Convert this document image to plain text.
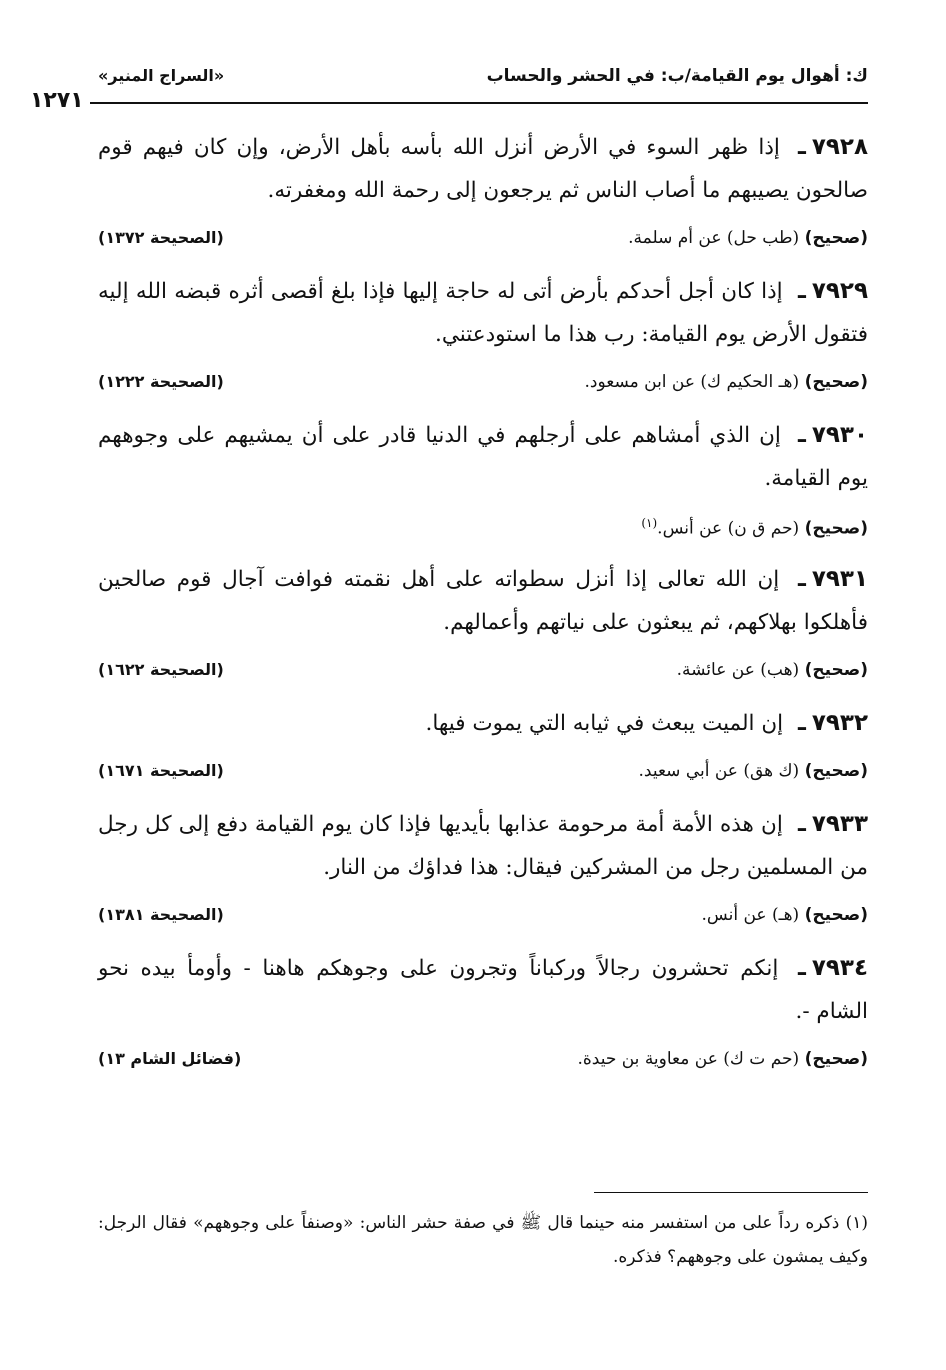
ك: أهوال يوم القيامة/ب: في الحشر والحساب
«السراج المنير»
١٢٧١

٧٩٢٨ـ إذا ظهر السوء في الأرض أنزل الله بأسه بأهل الأرض، وإن كان فيهم قوم صالحون يصيبهم ما أصاب الناس ثم يرجعون إلى رحمة الله ومغفرته.

(صحيح) (طب حل) عن أم سلمة.
(الصحيحة ١٣٧٢)

٧٩٢٩ـ إذا كان أجل أحدكم بأرض أتى له حاجة إليها فإذا بلغ أقصى أثره قبضه الله إليه فتقول الأرض يوم القيامة: رب هذا ما استودعتني.

(صحيح) (هـ الحكيم ك) عن ابن مسعود.
(الصحيحة ١٢٢٢)

٧٩٣٠ـ إن الذي أمشاهم على أرجلهم في الدنيا قادر على أن يمشيهم على وجوههم يوم القيامة.

(صحيح) (حم ق ن) عن أنس.$^{(١)}$

٧٩٣١ـ إن الله تعالى إذا أنزل سطواته على أهل نقمته فوافت آجال قوم صالحين فأهلكوا بهلاكهم، ثم يبعثون على نياتهم وأعمالهم.

(صحيح) (هب) عن عائشة.
(الصحيحة ١٦٢٢)

٧٩٣٢ـ إن الميت يبعث في ثيابه التي يموت فيها.

(صحيح) (ك هق) عن أبي سعيد.
(الصحيحة ١٦٧١)

٧٩٣٣ـ إن هذه الأمة أمة مرحومة عذابها بأيديها فإذا كان يوم القيامة دفع إلى كل رجل من المسلمين رجل من المشركين فيقال: هذا فداؤك من النار.

(صحيح) (هـ) عن أنس.
(الصحيحة ١٣٨١)

٧٩٣٤ـ إنكم تحشرون رجالاً وركباناً وتجرون على وجوهكم هاهنا - وأومأ بيده نحو الشام -.

(صحيح) (حم ت ك) عن معاوية بن حيدة.
(فضائل الشام ١٣)

(١) ذكره رداً على من استفسر منه حينما قال ﷺ في صفة حشر الناس: «وصنفاً على وجوههم» فقال الرجل: وكيف يمشون على وجوههم؟ فذكره.
